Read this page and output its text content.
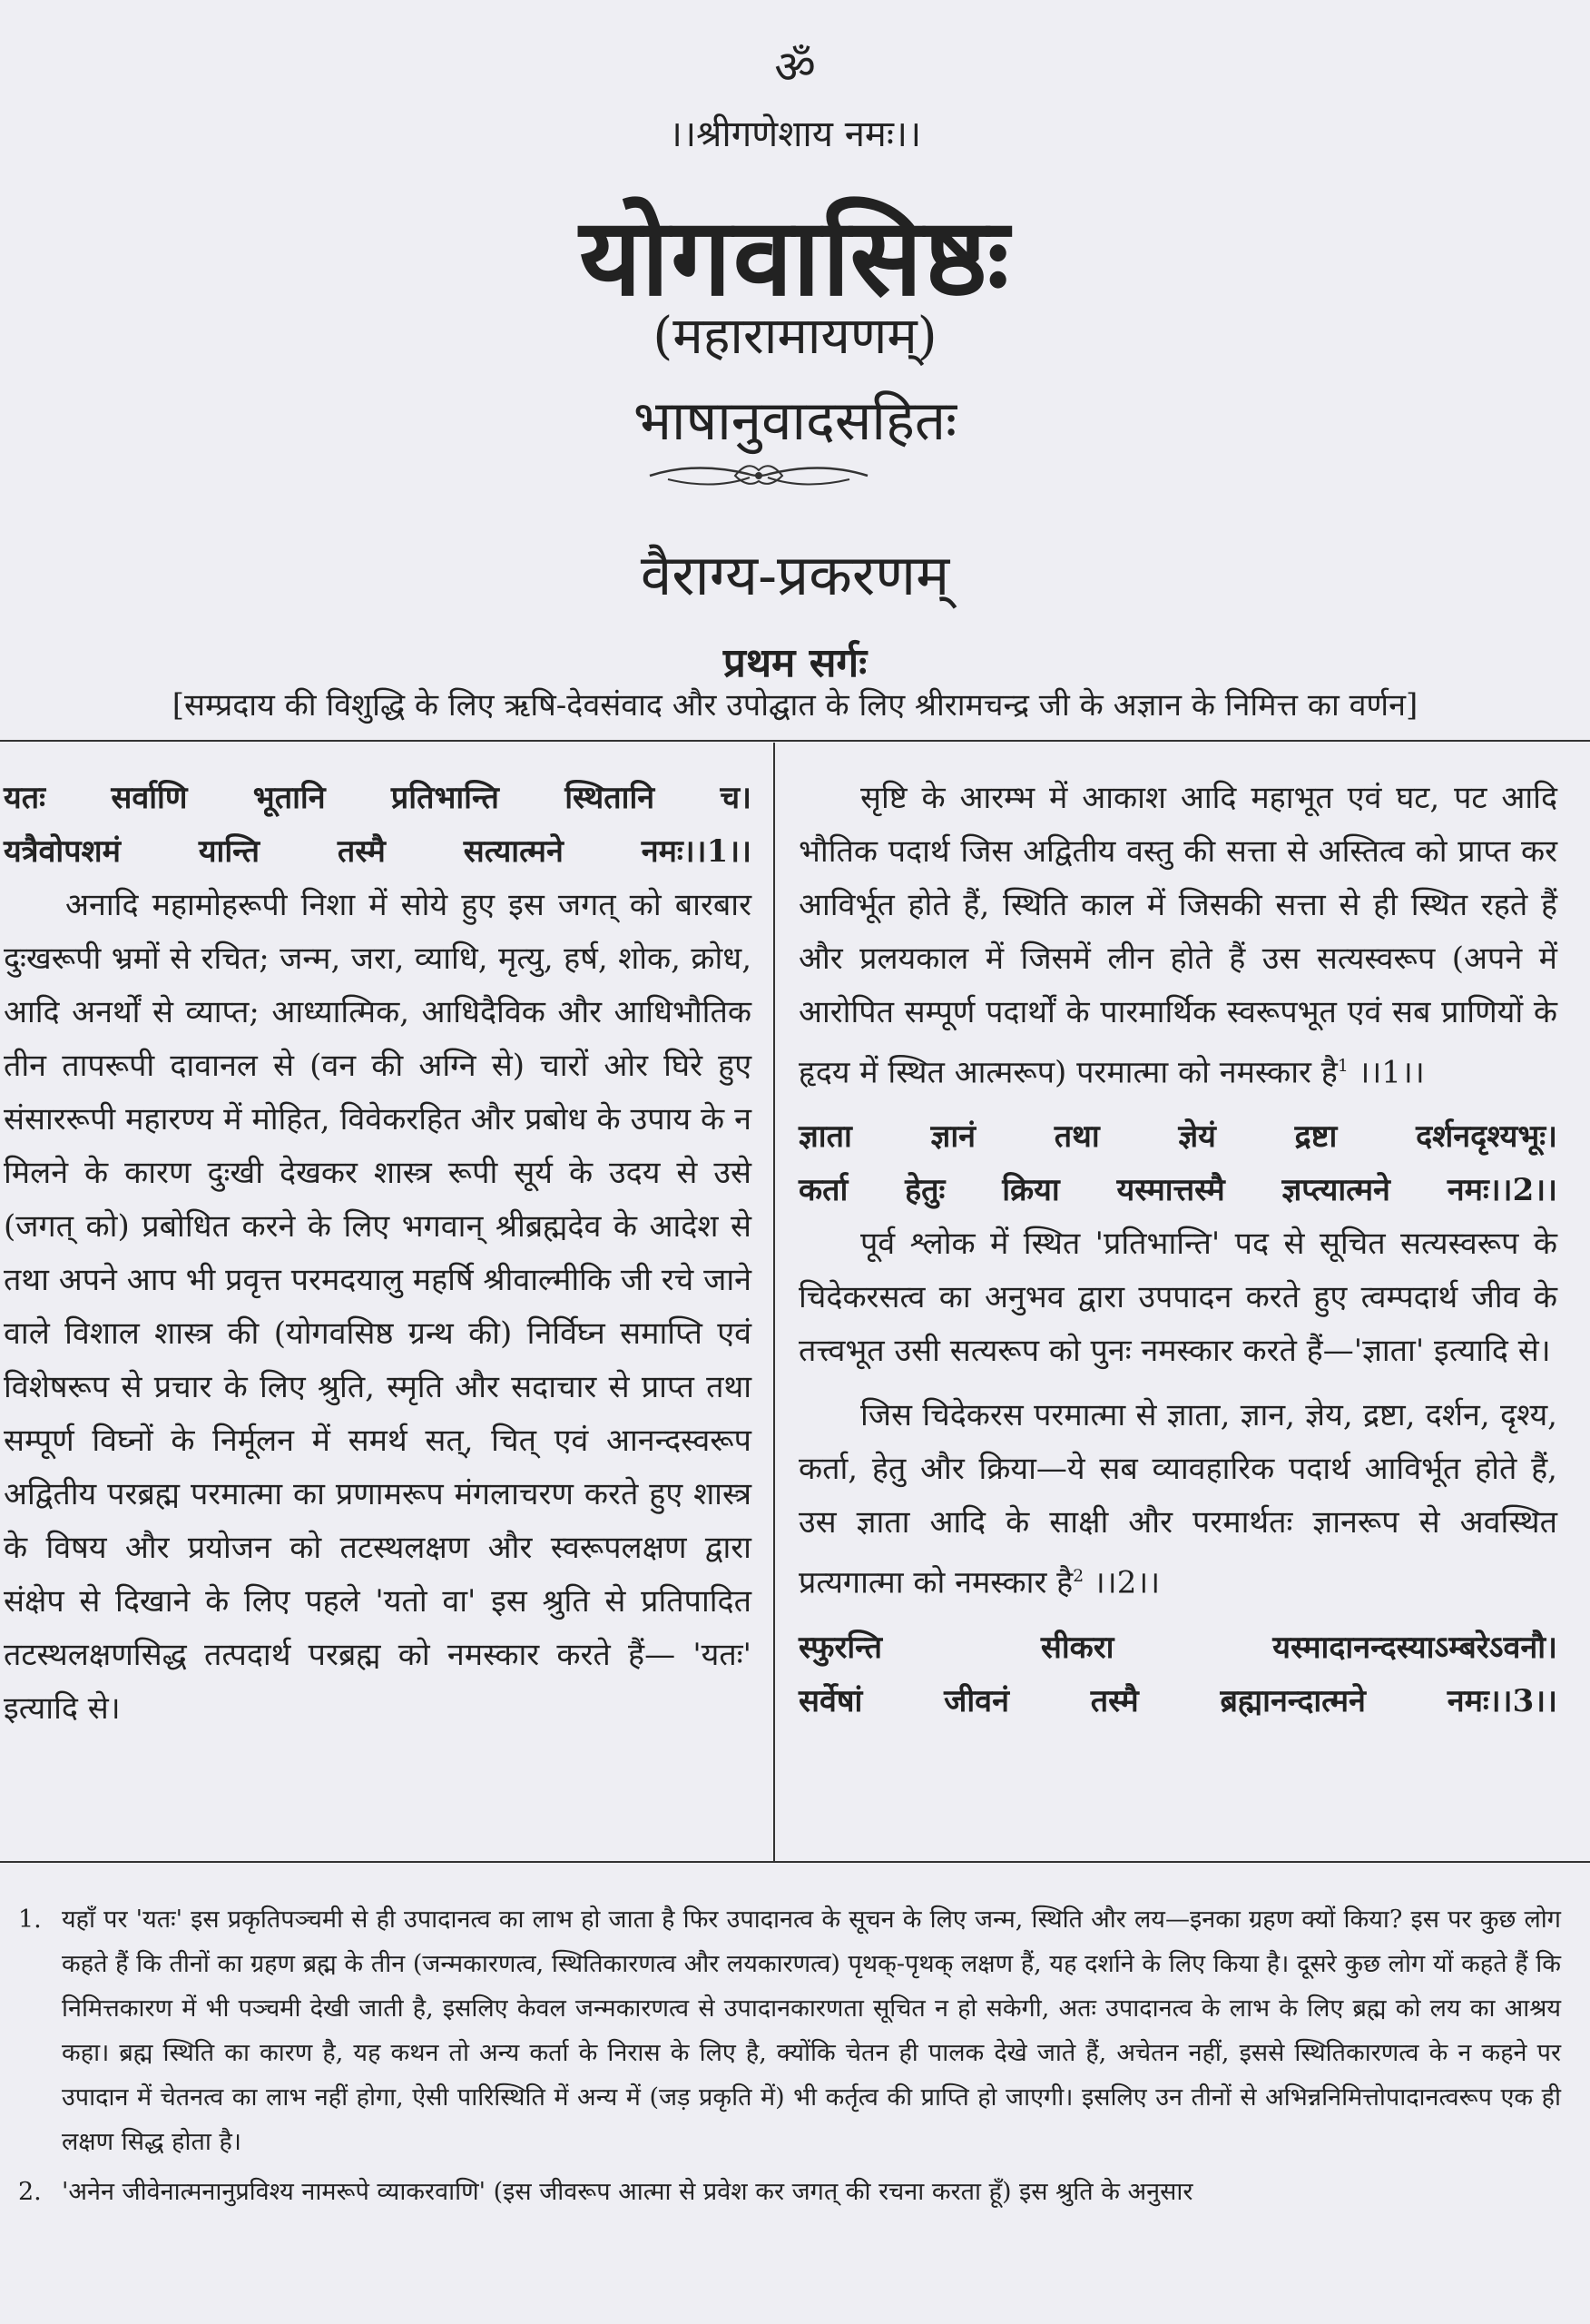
ॐ
।।श्रीगणेशाय नमः।।
योगवासिष्ठः
(महारामायणम्)
भाषानुवादसहितः
वैराग्य-प्रकरणम्
प्रथम सर्गः
[सम्प्रदाय की विशुद्धि के लिए ऋषि-देवसंवाद और उपोद्घात के लिए श्रीरामचन्द्र जी के अज्ञान के निमित्त का वर्णन]
यतः सर्वाणि भूतानि प्रतिभान्ति स्थितानि च।
यत्रैवोपशमं यान्ति तस्मै सत्यात्मने नमः।।1।।

अनादि महामोहरूपी निशा में सोये हुए इस जगत् को बारबार दुःखरूपी भ्रमों से रचित; जन्म, जरा, व्याधि, मृत्यु, हर्ष, शोक, क्रोध, आदि अनर्थों से व्याप्त; आध्यात्मिक, आधिदैविक और आधिभौतिक तीन तापरूपी दावानल से (वन की अग्नि से) चारों ओर घिरे हुए संसाररूपी महारण्य में मोहित, विवेकरहित और प्रबोध के उपाय के न मिलने के कारण दुःखी देखकर शास्त्र रूपी सूर्य के उदय से उसे (जगत् को) प्रबोधित करने के लिए भगवान् श्रीब्रह्मदेव के आदेश से तथा अपने आप भी प्रवृत्त परमदयालु महर्षि श्रीवाल्मीकि जी रचे जाने वाले विशाल शास्त्र की (योगवसिष्ठ ग्रन्थ की) निर्विघ्न समाप्ति एवं विशेषरूप से प्रचार के लिए श्रुति, स्मृति और सदाचार से प्राप्त तथा सम्पूर्ण विघ्नों के निर्मूलन में समर्थ सत्, चित् एवं आनन्दस्वरूप अद्वितीय परब्रह्म परमात्मा का प्रणामरूप मंगलाचरण करते हुए शास्त्र के विषय और प्रयोजन को तटस्थलक्षण और स्वरूपलक्षण द्वारा संक्षेप से दिखाने के लिए पहले 'यतो वा' इस श्रुति से प्रतिपादित तटस्थलक्षणसिद्ध तत्पदार्थ परब्रह्म को नमस्कार करते हैं— 'यतः' इत्यादि से।

सृष्टि के आरम्भ में आकाश आदि महाभूत एवं घट, पट आदि भौतिक पदार्थ जिस अद्वितीय वस्तु की सत्ता से अस्तित्व को प्राप्त कर आविर्भूत होते हैं, स्थिति काल में जिसकी सत्ता से ही स्थित रहते हैं और प्रलयकाल में जिसमें लीन होते हैं उस सत्यस्वरूप (अपने में आरोपित सम्पूर्ण पदार्थों के पारमार्थिक स्वरूपभूत एवं सब प्राणियों के हृदय में स्थित आत्मरूप) परमात्मा को नमस्कार है$^1$ ।।1।।

ज्ञाता ज्ञानं तथा ज्ञेयं द्रष्टा दर्शनदृश्यभूः।
कर्ता हेतुः क्रिया यस्मात्तस्मै ज्ञप्त्यात्मने नमः।।2।।

पूर्व श्लोक में स्थित 'प्रतिभान्ति' पद से सूचित सत्यस्वरूप के चिदेकरसत्व का अनुभव द्वारा उपपादन करते हुए त्वम्पदार्थ जीव के तत्त्वभूत उसी सत्यरूप को पुनः नमस्कार करते हैं—'ज्ञाता' इत्यादि से।

जिस चिदेकरस परमात्मा से ज्ञाता, ज्ञान, ज्ञेय, द्रष्टा, दर्शन, दृश्य, कर्ता, हेतु और क्रिया—ये सब व्यावहारिक पदार्थ आविर्भूत होते हैं, उस ज्ञाता आदि के साक्षी और परमार्थतः ज्ञानरूप से अवस्थित प्रत्यगात्मा को नमस्कार है$^2$ ।।2।।

स्फुरन्ति सीकरा यस्मादानन्दस्याऽम्बरेऽवनौ।
सर्वेषां जीवनं तस्मै ब्रह्मानन्दात्मने नमः।।3।।
1. यहाँ पर 'यतः' इस प्रकृतिपञ्चमी से ही उपादानत्व का लाभ हो जाता है फिर उपादानत्व के सूचन के लिए जन्म, स्थिति और लय—इनका ग्रहण क्यों किया? इस पर कुछ लोग कहते हैं कि तीनों का ग्रहण ब्रह्म के तीन (जन्मकारणत्व, स्थितिकारणत्व और लयकारणत्व) पृथक्-पृथक् लक्षण हैं, यह दर्शाने के लिए किया है। दूसरे कुछ लोग यों कहते हैं कि निमित्तकारण में भी पञ्चमी देखी जाती है, इसलिए केवल जन्मकारणत्व से उपादानकारणता सूचित न हो सकेगी, अतः उपादानत्व के लाभ के लिए ब्रह्म को लय का आश्रय कहा। ब्रह्म स्थिति का कारण है, यह कथन तो अन्य कर्ता के निरास के लिए है, क्योंकि चेतन ही पालक देखे जाते हैं, अचेतन नहीं, इससे स्थितिकारणत्व के न कहने पर उपादान में चेतनत्व का लाभ नहीं होगा, ऐसी पारिस्थिति में अन्य में (जड़ प्रकृति में) भी कर्तृत्व की प्राप्ति हो जाएगी। इसलिए उन तीनों से अभिन्ननिमित्तोपादानत्वरूप एक ही लक्षण सिद्ध होता है।
2. 'अनेन जीवेनात्मनानुप्रविश्य नामरूपे व्याकरवाणि' (इस जीवरूप आत्मा से प्रवेश कर जगत् की रचना करता हूँ) इस श्रुति के अनुसार
